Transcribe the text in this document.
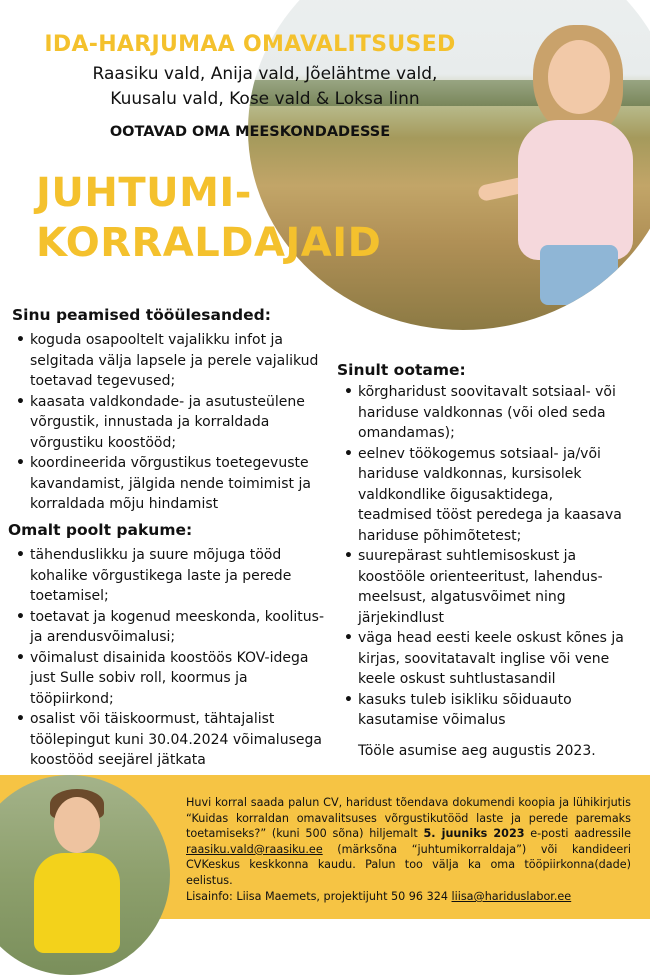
IDA-HARJUMAA OMAVALITSUSED
Raasiku vald, Anija vald, Jõelähtme vald,
Kuusalu vald, Kose vald & Loksa linn
OOTAVAD OMA MEESKONDADESSE
JUHTUMI-
KORRALDAJAID
Sinu peamised tööülesanded:
• koguda osapooltelt vajalikku infot ja selgitada välja lapsele ja perele vajalikud toetavad tegevused;
• kaasata valdkondade- ja asutusteülene võrgustik, innustada ja korraldada võrgustiku koostööd;
• koordineerida võrgustikus toetegevuste kavandamist, jälgida nende toimimist ja korraldada mõju hindamist
Omalt poolt pakume:
• tähenduslikku ja suure mõjuga tööd kohalike võrgustikega laste ja perede toetamisel;
• toetavat ja kogenud meeskonda, koolitus- ja arendusvõimalusi;
• võimalust disainida koostöös KOV-idega just Sulle sobiv roll, koormus ja tööpiirkond;
• osalist või täiskoormust, tähtajalist töölepingut kuni 30.04.2024 võimalusega koostööd seejärel jätkata
Sinult ootame:
• kõrgharidust soovitavalt sotsiaal- või hariduse valdkonnas (või oled seda omandamas);
• eelnev töökogemus sotsiaal- ja/või hariduse valdkonnas, kursisolek valdkondlike õigusaktidega, teadmised tööst peredega ja kaasava hariduse põhimõtetest;
• suurepärast suhtlemisoskust ja koostööle orienteeritust, lahendus-meelsust, algatusvõimet ning järjekindlust
• väga head eesti keele oskust kõnes ja kirjas, soovitatavalt inglise või vene keele oskust suhtlustasandil
• kasuks tuleb isikliku sõiduauto kasutamise võimalus
Tööle asumise aeg augustis 2023.
Huvi korral saada palun CV, haridust tõendava dokumendi koopia ja lühikirjutis “Kuidas korraldan omavalitsuses võrgustikutööd laste ja perede paremaks toetamiseks?” (kuni 500 sõna) hiljemalt 5. juuniks 2023 e-posti aadressile raasiku.vald@raasiku.ee (märksõna “juhtumikorraldaja”) või kandideeri CVKeskus keskkonna kaudu. Palun too välja ka oma tööpiirkonna(dade) eelistus.
Lisainfo: Liisa Maemets, projektijuht 50 96 324 liisa@hariduslabor.ee
